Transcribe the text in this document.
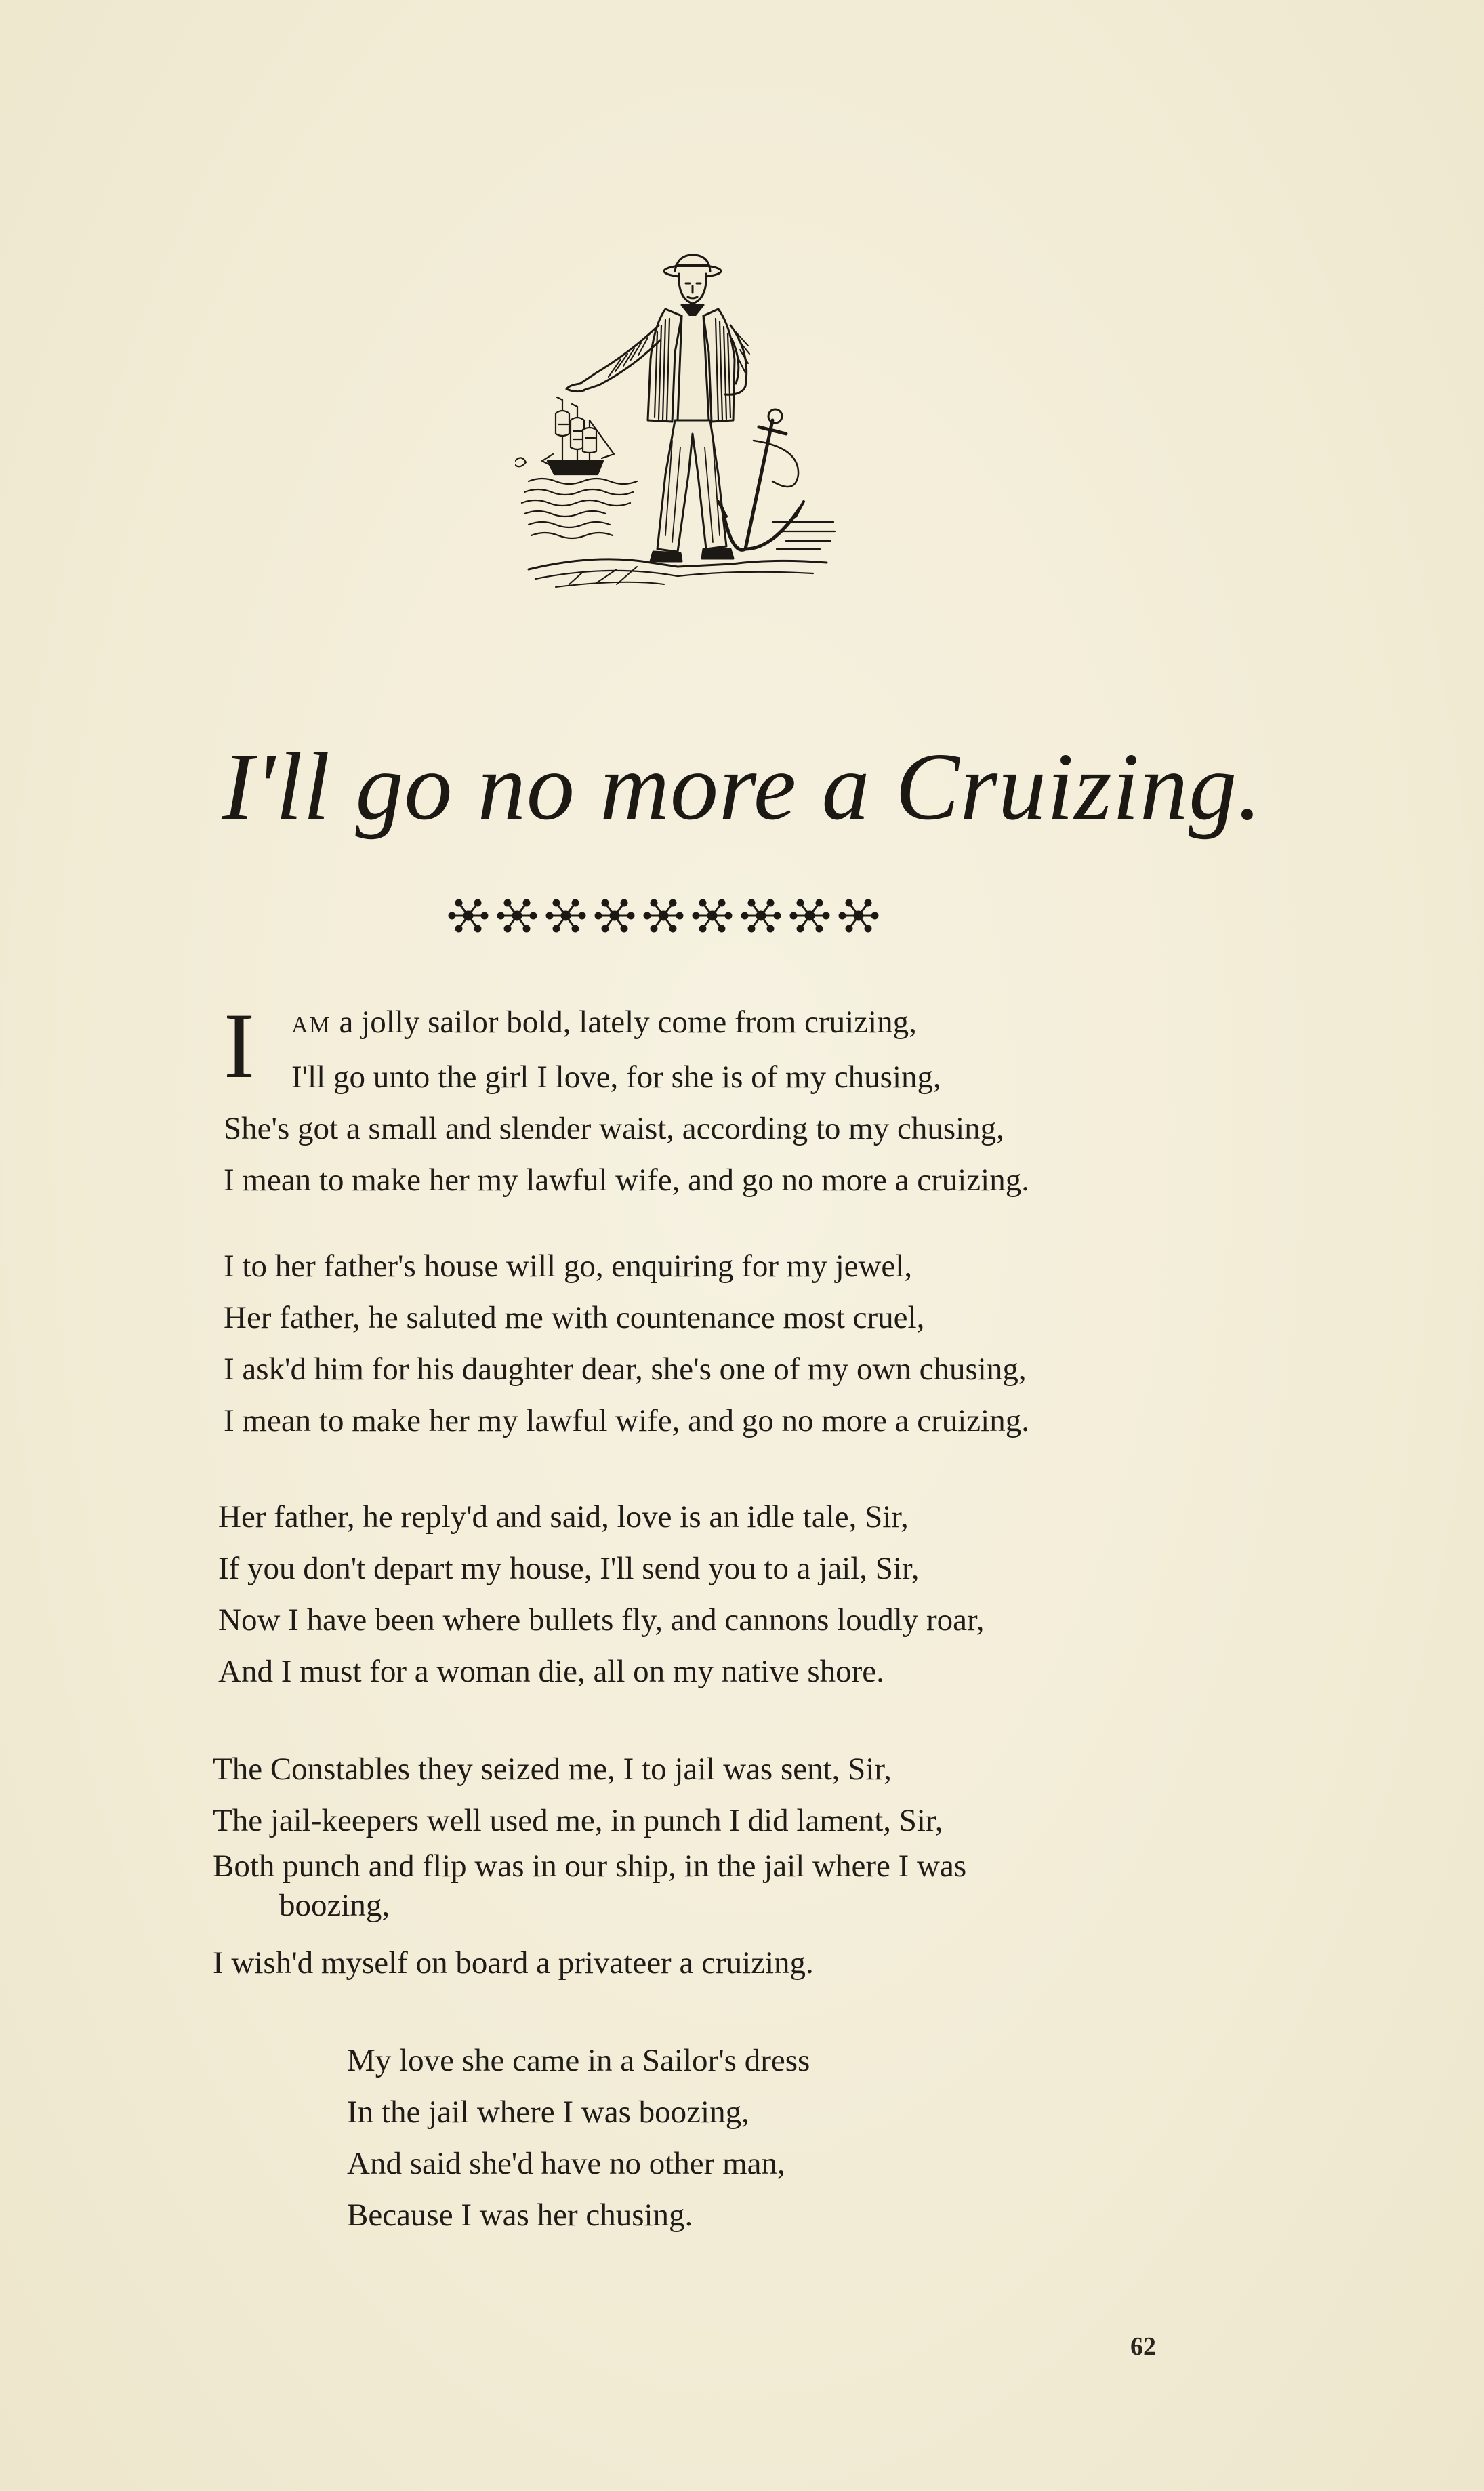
I'll go no more a Cruizing.
I AM a jolly sailor bold, lately come from cruizing,
I'll go unto the girl I love, for she is of my chusing,
She's got a small and slender waist, according to my chusing,
I mean to make her my lawful wife, and go no more a cruizing.
I to her father's house will go, enquiring for my jewel,
Her father, he saluted me with countenance most cruel,
I ask'd him for his daughter dear, she's one of my own chusing,
I mean to make her my lawful wife, and go no more a cruizing.
Her father, he reply'd and said, love is an idle tale, Sir,
If you don't depart my house, I'll send you to a jail, Sir,
Now I have been where bullets fly, and cannons loudly roar,
And I must for a woman die, all on my native shore.
The Constables they seized me, I to jail was sent, Sir,
The jail-keepers well used me, in punch I did lament, Sir,
Both punch and flip was in our ship, in the jail where I was
boozing,
I wish'd myself on board a privateer a cruizing.
My love she came in a Sailor's dress
In the jail where I was boozing,
And said she'd have no other man,
Because I was her chusing.
62
